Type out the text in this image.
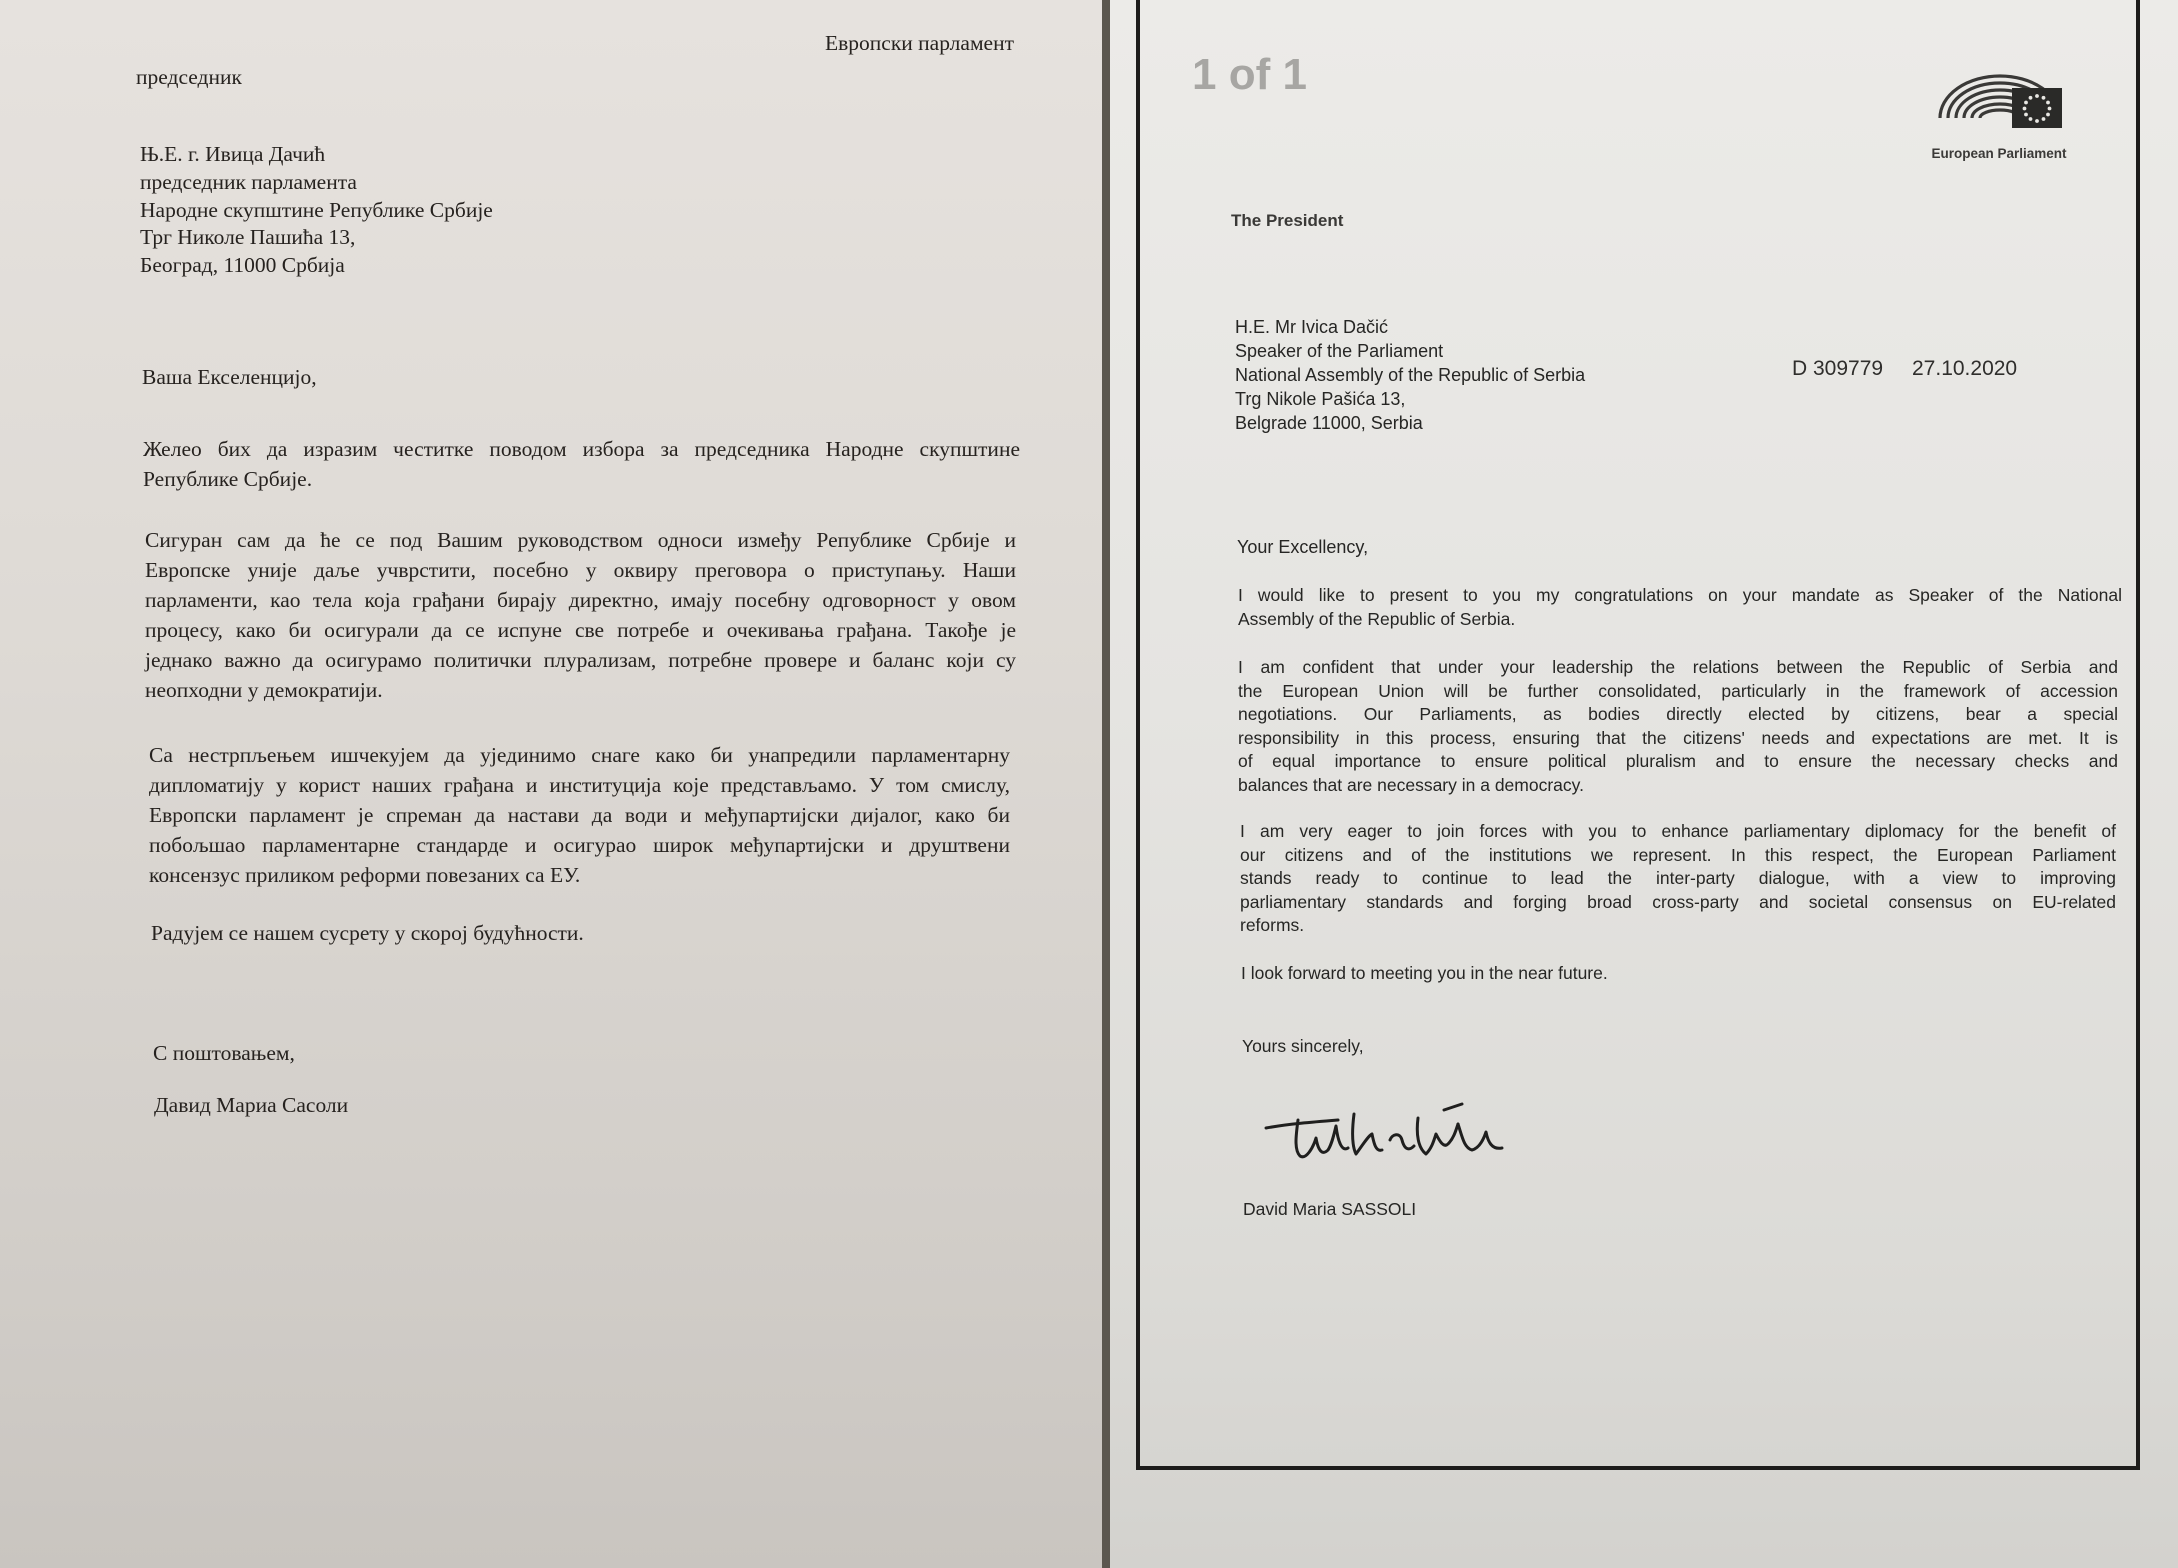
Европски парламент
председник
Њ.Е. г. Ивица Дачић
председник парламента
Народне скупштине Републике Србије
Трг Николе Пашића 13,
Београд, 11000 Србија
Ваша Екселенцијо,
Желео бих да изразим честитке поводом избора за председника Народне скупштине
Републике Србије.
Сигуран сам да ће се под Вашим руководством односи између Републике Србије и
Европске уније даље учврстити, посебно у оквиру преговора о приступању. Наши
парламенти, као тела која грађани бирају директно, имају посебну одговорност у овом
процесу, како би осигурали да се испуне све потребе и очекивања грађана. Такође је
једнако важно да осигурамо политички плурализам, потребне провере и баланс који су
неопходни у демократији.
Са нестрпљењем ишчекујем да ујединимо снаге како би унапредили парламентарну
дипломатију у корист наших грађана и институција које представљамо. У том смислу,
Европски парламент је спреман да настави да води и међупартијски дијалог, како би
побољшао парламентарне стандарде и осигурао широк међупартијски и друштвени
консензус приликом реформи повезаних са ЕУ.
Радујем се нашем сусрету у скорој будућности.
С поштовањем,
Давид Мариа Сасоли
1 of 1
European Parliament
The President
H.E. Mr Ivica Dačić
Speaker of the Parliament
National Assembly of the Republic of Serbia
Trg Nikole Pašića 13,
Belgrade 11000, Serbia
D 309779 27.10.2020
Your Excellency,
I would like to present to you my congratulations on your mandate as Speaker of the National
Assembly of the Republic of Serbia.
I am confident that under your leadership the relations between the Republic of Serbia and
the European Union will be further consolidated, particularly in the framework of accession
negotiations. Our Parliaments, as bodies directly elected by citizens, bear a special
responsibility in this process, ensuring that the citizens' needs and expectations are met. It is
of equal importance to ensure political pluralism and to ensure the necessary checks and
balances that are necessary in a democracy.
I am very eager to join forces with you to enhance parliamentary diplomacy for the benefit of
our citizens and of the institutions we represent. In this respect, the European Parliament
stands ready to continue to lead the inter-party dialogue, with a view to improving
parliamentary standards and forging broad cross-party and societal consensus on EU-related
reforms.
I look forward to meeting you in the near future.
Yours sincerely,
David Maria SASSOLI
